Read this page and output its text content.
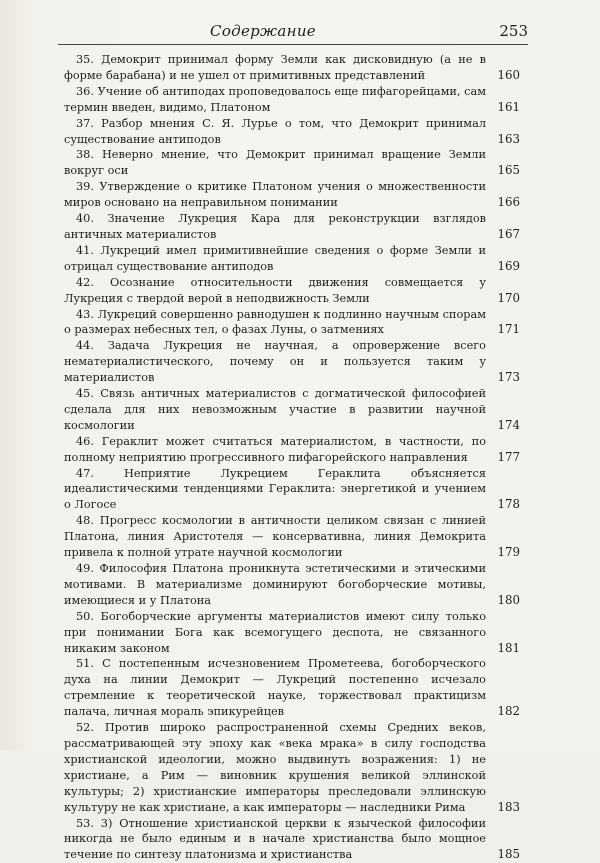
Содержание	253
35. Демокрит принимал форму Земли как дисковидную (а не в форме барабана) и не ушел от примитивных представлений	160
36. Учение об антиподах проповедовалось еще пифагорейцами, сам термин введен, видимо, Платоном	161
37. Разбор мнения С. Я. Лурье о том, что Демокрит принимал существование антиподов	163
38. Неверно мнение, что Демокрит принимал вращение Земли вокруг оси	165
39. Утверждение о критике Платоном учения о множественности миров основано на неправильном понимании	166
40. Значение Лукреция Кара для реконструкции взглядов античных материалистов	167
41. Лукреций имел примитивнейшие сведения о форме Земли и отрицал существование антиподов	169
42. Осознание относительности движения совмещается у Лукреция с твердой верой в неподвижность Земли	170
43. Лукреций совершенно равнодушен к подлинно научным спорам о размерах небесных тел, о фазах Луны, о затмениях	171
44. Задача Лукреция не научная, а опровержение всего нематериалистического, почему он и пользуется таким у материалистов	173
45. Связь античных материалистов с догматической философией сделала для них невозможным участие в развитии научной космологии	174
46. Гераклит может считаться материалистом, в частности, по полному неприятию прогрессивного пифагорейского направления	177
47. Неприятие Лукрецием Гераклита объясняется идеалистическими тенденциями Гераклита: энергетикой и учением о Логосе	178
48. Прогресс космологии в античности целиком связан с линией Платона, линия Аристотеля — консервативна, линия Демокрита привела к полной утрате научной космологии	179
49. Философия Платона проникнута эстетическими и этическими мотивами. В материализме доминируют богоборческие мотивы, имеющиеся и у Платона	180
50. Богоборческие аргументы материалистов имеют силу только при понимании Бога как всемогущего деспота, не связанного никаким законом	181
51. С постепенным исчезновением Прометеева, богоборческого духа на линии Демокрит — Лукреций постепенно исчезало стремление к теоретической науке, торжествовал практицизм палача, личная мораль эпикурейцев	182
52. Против широко распространенной схемы Средних веков, рассматривающей эту эпоху как «века мрака» в силу господства христианской идеологии, можно выдвинуть возражения: 1) не христиане, а Рим — виновник крушения великой эллинской культуры; 2) христианские императоры преследовали эллинскую культуру не как христиане, а как императоры — наследники Рима	183
53. 3) Отношение христианской церкви к языческой философии никогда не было единым и в начале христианства было мощное течение по синтезу платонизма и христианства	185
